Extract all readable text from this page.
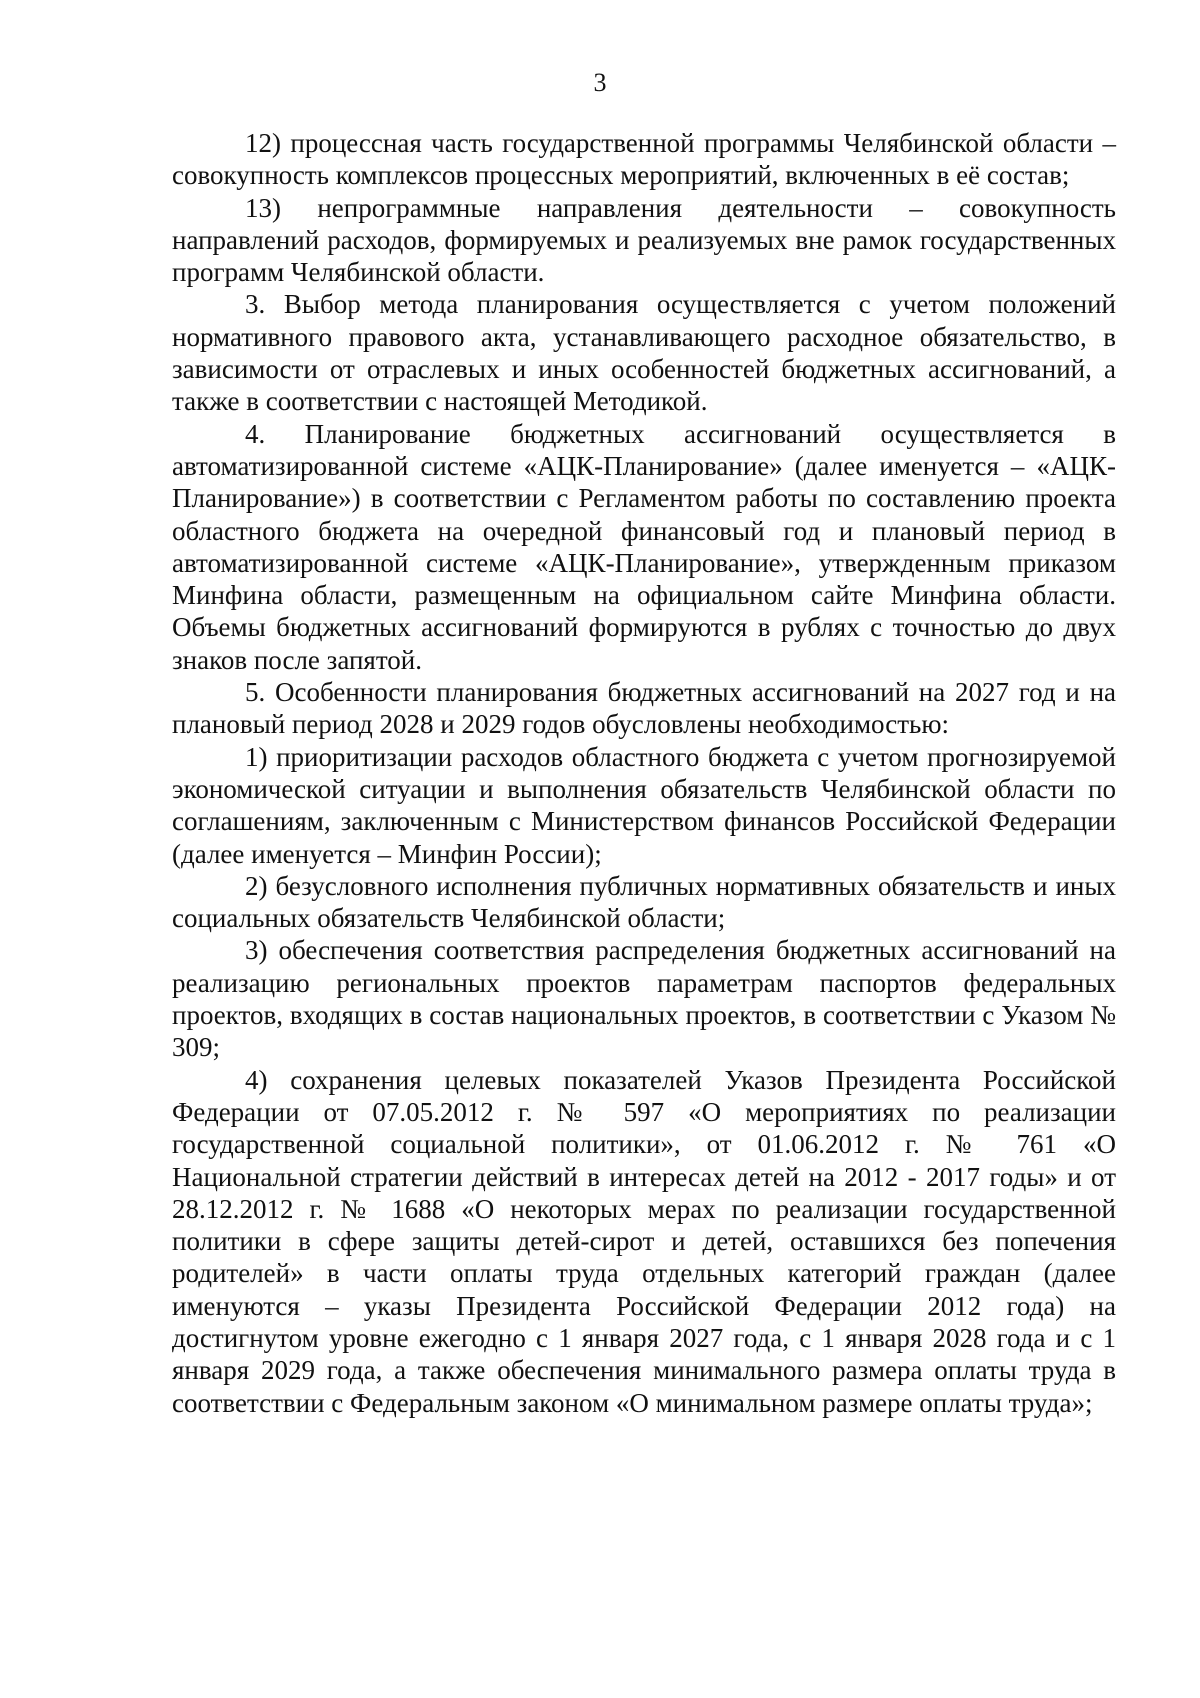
3

12) процессная часть государственной программы Челябинской области – совокупность комплексов процессных мероприятий, включенных в её состав;

13) непрограммные направления деятельности – совокупность направлений расходов, формируемых и реализуемых вне рамок государственных программ Челябинской области.

3. Выбор метода планирования осуществляется с учетом положений нормативного правового акта, устанавливающего расходное обязательство, в зависимости от отраслевых и иных особенностей бюджетных ассигнований, а также в соответствии с настоящей Методикой.

4. Планирование бюджетных ассигнований осуществляется в автоматизированной системе «АЦК-Планирование» (далее именуется – «АЦК-Планирование») в соответствии с Регламентом работы по составлению проекта областного бюджета на очередной финансовый год и плановый период в автоматизированной системе «АЦК-Планирование», утвержденным приказом Минфина области, размещенным на официальном сайте Минфина области. Объемы бюджетных ассигнований формируются в рублях с точностью до двух знаков после запятой.

5. Особенности планирования бюджетных ассигнований на 2027 год и на плановый период 2028 и 2029 годов обусловлены необходимостью:

1) приоритизации расходов областного бюджета с учетом прогнозируемой экономической ситуации и выполнения обязательств Челябинской области по соглашениям, заключенным с Министерством финансов Российской Федерации (далее именуется – Минфин России);

2) безусловного исполнения публичных нормативных обязательств и иных социальных обязательств Челябинской области;

3) обеспечения соответствия распределения бюджетных ассигнований на реализацию региональных проектов параметрам паспортов федеральных проектов, входящих в состав национальных проектов, в соответствии с Указом № 309;

4) сохранения целевых показателей Указов Президента Российской Федерации от 07.05.2012 г. № 597 «О мероприятиях по реализации государственной социальной политики», от 01.06.2012 г. № 761 «О Национальной стратегии действий в интересах детей на 2012 - 2017 годы» и от 28.12.2012 г. № 1688 «О некоторых мерах по реализации государственной политики в сфере защиты детей-сирот и детей, оставшихся без попечения родителей» в части оплаты труда отдельных категорий граждан (далее именуются – указы Президента Российской Федерации 2012 года) на достигнутом уровне ежегодно с 1 января 2027 года, с 1 января 2028 года и с 1 января 2029 года, а также обеспечения минимального размера оплаты труда в соответствии с Федеральным законом «О минимальном размере оплаты труда»;
